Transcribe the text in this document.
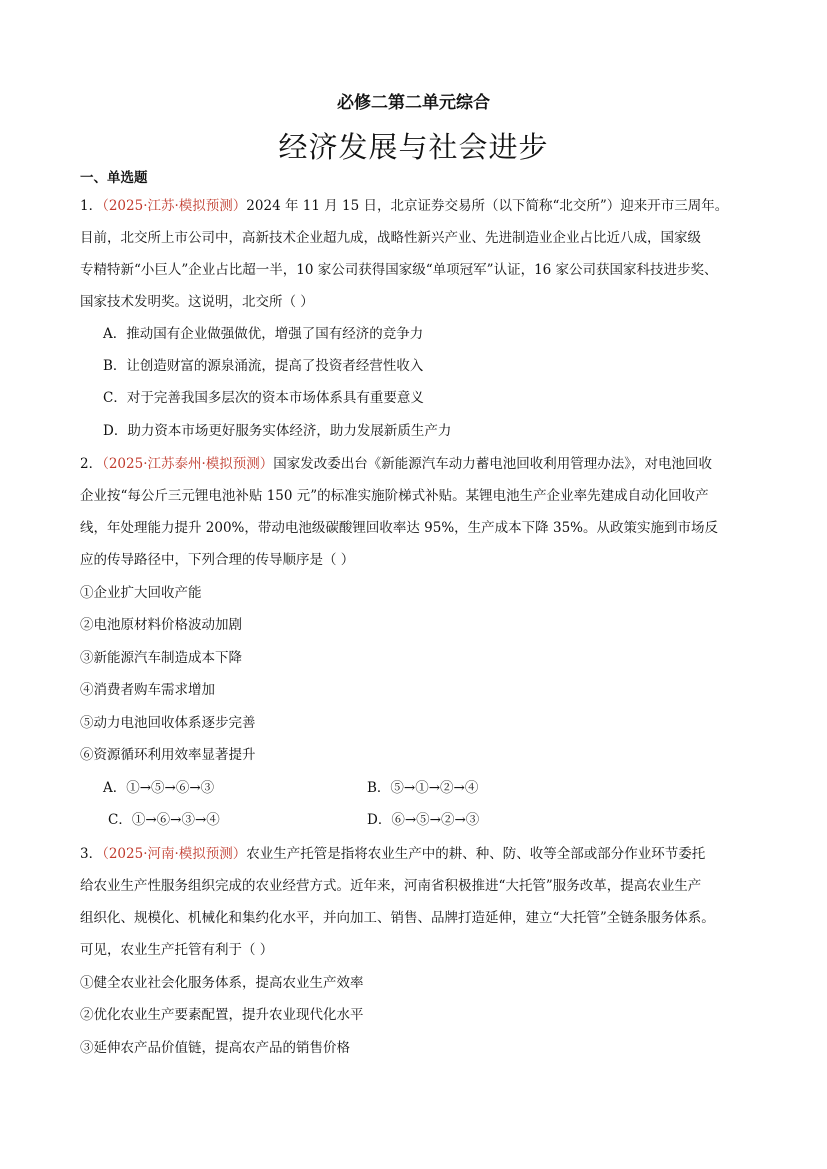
必修二第二单元综合
经济发展与社会进步
一、单选题
1．（2025·江苏·模拟预测）2024 年 11 月 15 日，北京证券交易所（以下简称“北交所”）迎来开市三周年。
目前，北交所上市公司中，高新技术企业超九成，战略性新兴产业、先进制造业企业占比近八成，国家级
专精特新“小巨人”企业占比超一半，10 家公司获得国家级“单项冠军”认证，16 家公司获国家科技进步奖、
国家技术发明奖。这说明，北交所（ ）
A．推动国有企业做强做优，增强了国有经济的竞争力
B．让创造财富的源泉涌流，提高了投资者经营性收入
C．对于完善我国多层次的资本市场体系具有重要意义
D．助力资本市场更好服务实体经济，助力发展新质生产力
2．（2025·江苏泰州·模拟预测）国家发改委出台《新能源汽车动力蓄电池回收利用管理办法》，对电池回收
企业按“每公斤三元锂电池补贴 150 元”的标准实施阶梯式补贴。某锂电池生产企业率先建成自动化回收产
线，年处理能力提升 200%，带动电池级碳酸锂回收率达 95%，生产成本下降 35%。从政策实施到市场反
应的传导路径中，下列合理的传导顺序是（ ）
①企业扩大回收产能
②电池原材料价格波动加剧
③新能源汽车制造成本下降
④消费者购车需求增加
⑤动力电池回收体系逐步完善
⑥资源循环利用效率显著提升
A．①→⑤→⑥→③	B．⑤→①→②→④
C．①→⑥→③→④	D．⑥→⑤→②→③
3．（2025·河南·模拟预测）农业生产托管是指将农业生产中的耕、种、防、收等全部或部分作业环节委托
给农业生产性服务组织完成的农业经营方式。近年来，河南省积极推进“大托管”服务改革，提高农业生产
组织化、规模化、机械化和集约化水平，并向加工、销售、品牌打造延伸，建立“大托管”全链条服务体系。
可见，农业生产托管有利于（ ）
①健全农业社会化服务体系，提高农业生产效率
②优化农业生产要素配置，提升农业现代化水平
③延伸农产品价值链，提高农产品的销售价格
